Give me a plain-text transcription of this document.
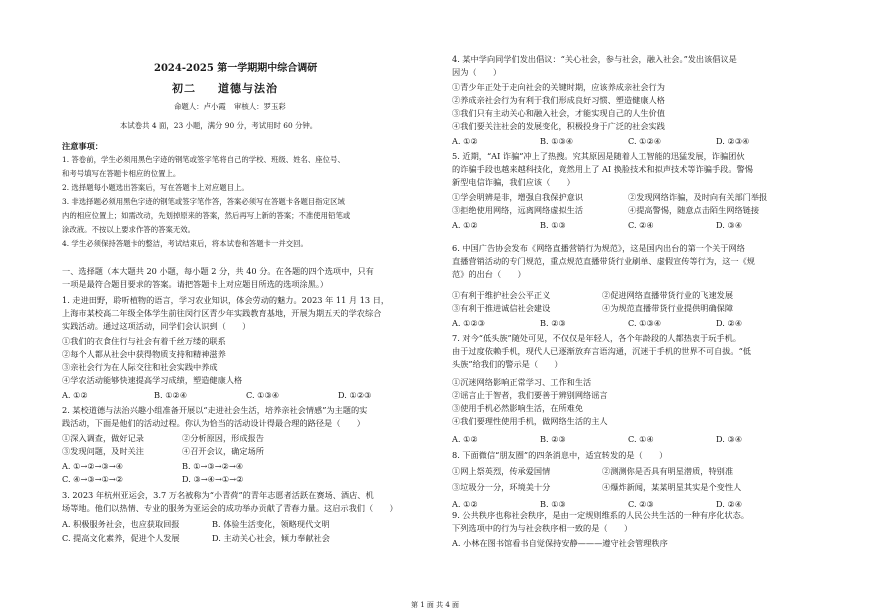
2024-2025 第一学期期中综合调研
初二 道德与法治
命题人：卢小霞 审核人：罗玉彩
本试卷共 4 面，23 小题，满分 90 分，考试用时 60 分钟。
注意事项：
1. 答卷前，学生必须用黑色字迹的钢笔或签字笔将自己的学校、班级、姓名、座位号、
和考号填写在答题卡相应的位置上。
2. 选择题每小题选出答案后，写在答题卡上对应题目上。
3. 非选择题必须用黑色字迹的钢笔或签字笔作答，答案必须写在答题卡各题目指定区域
内的相应位置上；如需改动，先划掉原来的答案，然后再写上新的答案；不准使用铅笔或
涂改液。不按以上要求作答的答案无效。
4. 学生必须保持答题卡的整洁，考试结束后，将本试卷和答题卡一并交回。
一、选择题（本大题共 20 小题，每小题 2 分，共 40 分。在各题的四个选项中，只有
一项是最符合题目要求的答案。请把答题卡上对应题目所选的选项涂黑。）
1. 走进田野，聆听植物的语言，学习农业知识，体会劳动的魅力。2023 年 11 月 13 日，
上海市某校高二年级全体学生前往闵行区青少年实践教育基地，开展为期五天的学农综合
实践活动。通过这项活动，同学们会认识到（　　）
①我们的衣食住行与社会有着千丝万缕的联系
②每个人都从社会中获得物质支持和精神滋养
③亲社会行为在人际交往和社会实践中养成
④学农活动能够快速提高学习成绩，塑造健康人格
A. ①②	B. ①②④	C. ①③④	D. ①②③
2. 某校道德与法治兴趣小组准备开展以“走进社会生活，培养亲社会情感”为主题的实
践活动，下面是他们的活动过程。你认为恰当的活动设计得最合理的路径是（　　）
①深入调查，做好记录	②分析原因，形成报告
③发现问题，及时关注	④召开会议，确定场所
A. ①→②→③→④	B. ①→③→②→④
C. ④→③→①→②	D. ③→④→①→②
3. 2023 年杭州亚运会，3.7 万名被称为“小青荷”的青年志愿者活跃在赛场、酒店、机
场等地。他们以热情、专业的服务为亚运会的成功举办贡献了青春力量。这启示我们（　　）
A. 积极服务社会，也应获取回报	B. 体验生活变化，领略现代文明
C. 提高文化素养，促进个人发展	D. 主动关心社会，倾力奉献社会
4. 某中学向同学们发出倡议：“关心社会，参与社会，融入社会。”发出该倡议是
因为（　　）
①青少年正处于走向社会的关键时期，应该养成亲社会行为
②养成亲社会行为有利于我们形成良好习惯、塑造健康人格
③我们只有主动关心和融入社会，才能实现自己的人生价值
④我们要关注社会的发展变化，积极投身于广泛的社会实践
A. ①②	B. ①③④	C. ①②④	D. ②③④
5. 近期，“AI 诈骗”冲上了热搜。究其原因是随着人工智能的迅猛发展，诈骗团伙
的诈骗手段也越来越科技化，竟然用上了 AI 换脸技术和拟声技术等诈骗手段。警惕
新型电信诈骗，我们应该（　　）
①学会明辨是非，增强自我保护意识	②发现网络诈骗，及时向有关部门举报
③拒绝使用网络，远离网络虚拟生活	④提高警惕，随意点击陌生网络链接
A. ①②	B. ①③	C. ②④	D. ③④
6. 中国广告协会发布《网络直播营销行为规范》，这是国内出台的第一个关于网络
直播营销活动的专门规范，重点规范直播带货行业刷单、虚假宣传等行为，这一《规
范》的出台（　　）
①有利于维护社会公平正义	②促进网络直播带货行业的飞速发展
③有利于推进诚信社会建设	④为规范直播带货行业提供明确保障
A. ①②③	B. ②③	C. ①③④	D. ②④
7. 对今“低头族”随处可见，不仅仅是年轻人，各个年龄段的人都热衷于玩手机。
由于过度依赖手机，现代人已逐渐放弃言语沟通，沉迷于手机的世界不可自拔。“低
头族”给我们的警示是（　　）
①沉迷网络影响正常学习、工作和生活
②谣言止于智者，我们要善于辨别网络谣言
③使用手机必然影响生活，在所难免
④我们要理性使用手机，做网络生活的主人
A. ①②	B. ②③	C. ①④	D. ③④
8. 下面微信“朋友圈”的四条消息中，适宜转发的是（　　）
①网上祭英烈，传承爱国情	②测测你是否具有明星潜质，特别准
③垃圾分一分，环境美十分	④爆炸新闻，某某明星其实是个变性人
A. ①②	B. ①③	C. ②③	D. ②④
9. 公共秩序也称社会秩序，是由一定规则维系的人民公共生活的一种有序化状态。
下列选项中的行为与社会秩序相一致的是（　　）
A. 小林在图书馆看书自觉保持安静———遵守社会管理秩序
第 1 面 共 4 面
